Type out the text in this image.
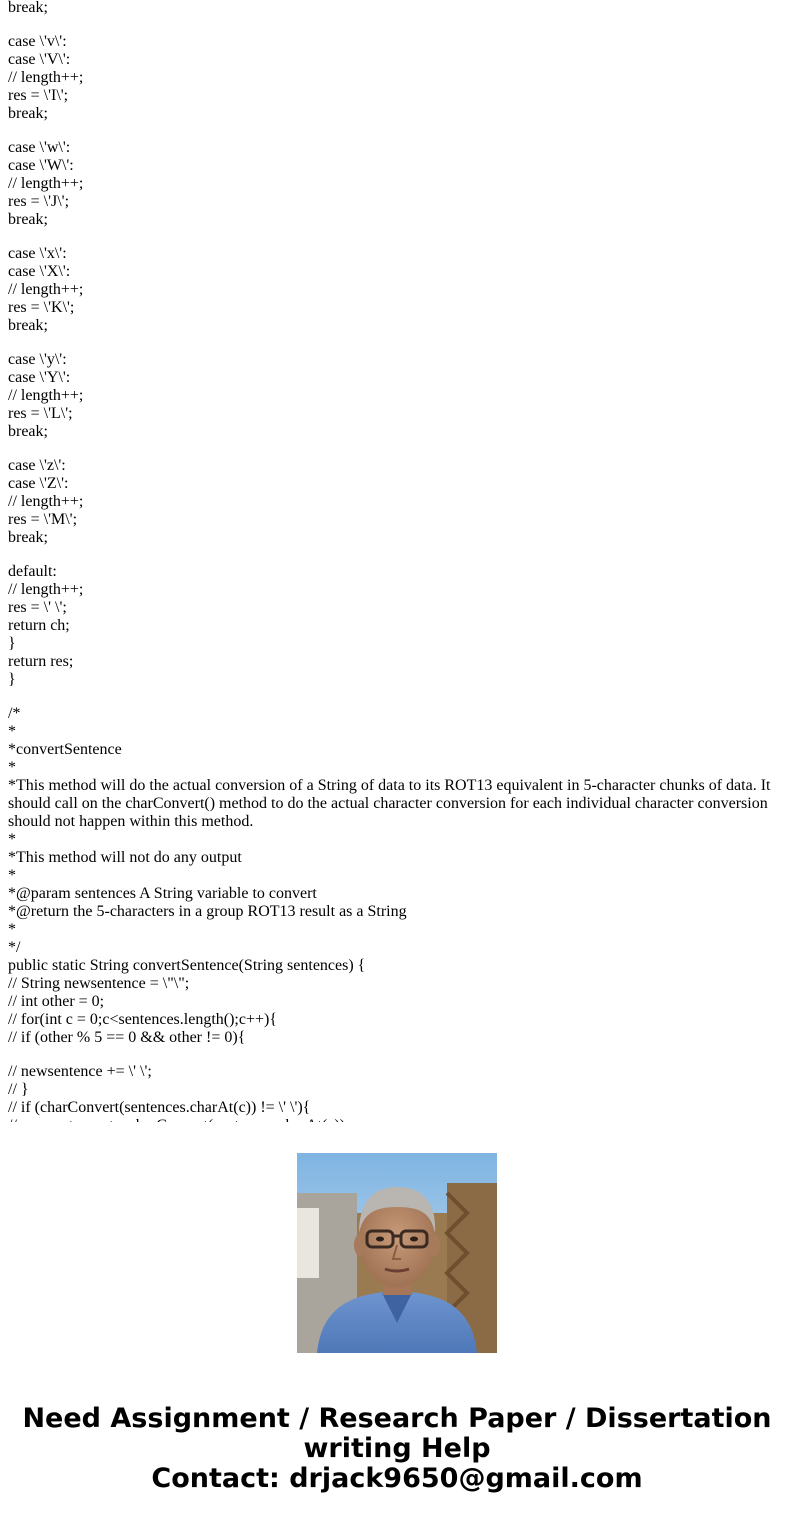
break;
case \'v\':
case \'V\':
// length++;
res = \'I\';
break;
case \'w\':
case \'W\':
// length++;
res = \'J\';
break;
case \'x\':
case \'X\':
// length++;
res = \'K\';
break;
case \'y\':
case \'Y\':
// length++;
res = \'L\';
break;
case \'z\':
case \'Z\':
// length++;
res = \'M\';
break;
default:
// length++;
res = \' \';
return ch;
}
return res;
}
/*
*
*convertSentence
*
*This method will do the actual conversion of a String of data to its ROT13 equivalent in 5-character chunks of data. It should call on the charConvert() method to do the actual character conversion for each individual character conversion should not happen within this method.
*
*This method will not do any output
*
*@param sentences A String variable to convert
*@return the 5-characters in a group ROT13 result as a String
*
*/
public static String convertSentence(String sentences) {
// String newsentence = \"\";
// int other = 0;
// for(int c = 0;c<sentences.length();c++){
// if (other % 5 == 0 && other != 0){
// newsentence += \' \';
// }
// if (charConvert(sentences.charAt(c)) != \' \'){
Need Assignment / Research Paper / Dissertation
writing Help
Contact: drjack9650@gmail.com
